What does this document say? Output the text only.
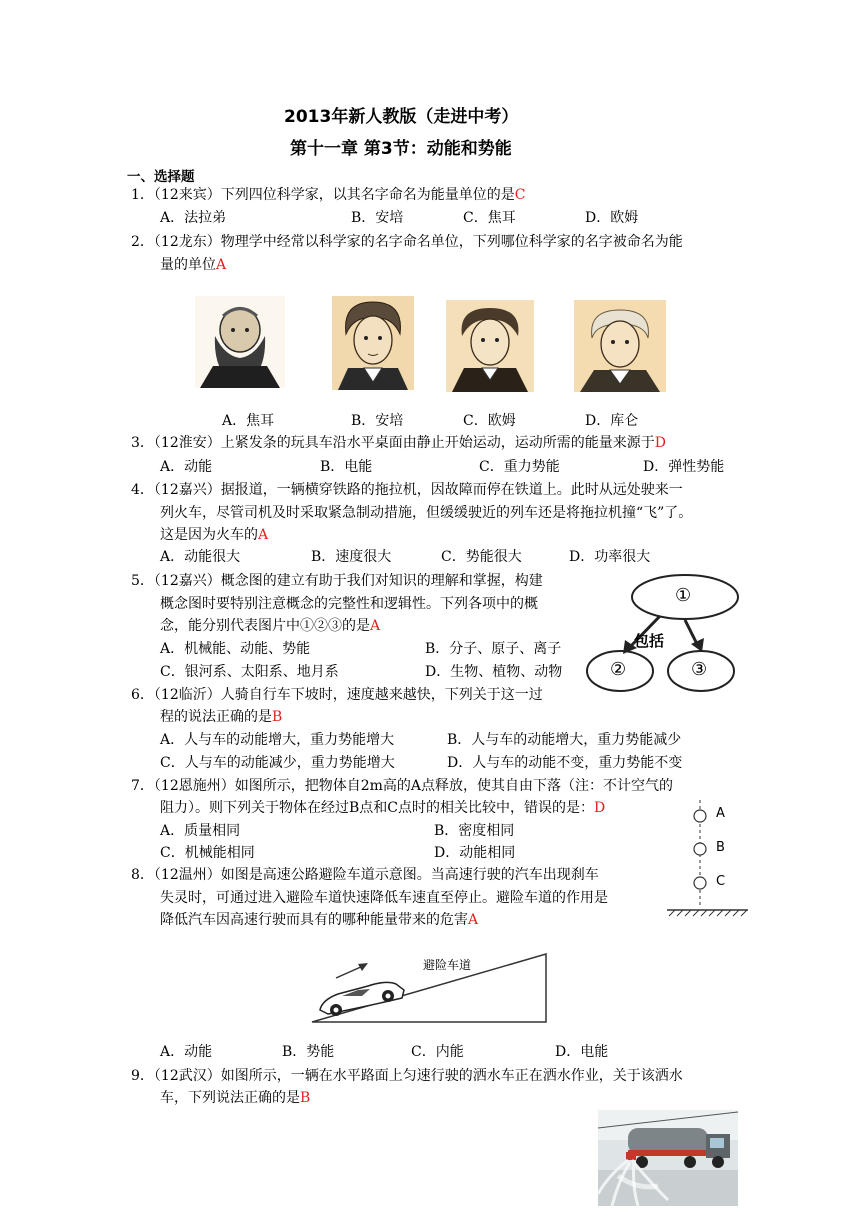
2013年新人教版（走进中考）
第十一章 第3节：动能和势能
一、选择题
1．（12来宾）下列四位科学家，以其名字命名为能量单位的是C
A．法拉弟	B．安培	C．焦耳	D．欧姆
2．（12龙东）物理学中经常以科学家的名字命名单位，下列哪位科学家的名字被命名为能
量的单位A
A．焦耳	B．安培	C．欧姆	D．库仑
3．（12淮安）上紧发条的玩具车沿水平桌面由静止开始运动，运动所需的能量来源于D
A．动能	B．电能	C．重力势能	D．弹性势能
4．（12嘉兴）据报道，一辆横穿铁路的拖拉机，因故障而停在铁道上。此时从远处驶来一
列火车，尽管司机及时采取紧急制动措施，但缓缓驶近的列车还是将拖拉机撞“飞”了。
这是因为火车的A
A．动能很大	B．速度很大	C．势能很大	D．功率很大
5．（12嘉兴）概念图的建立有助于我们对知识的理解和掌握，构建
概念图时要特别注意概念的完整性和逻辑性。下列各项中的概
念，能分别代表图片中①②③的是A
A．机械能、动能、势能	B．分子、原子、离子
C．银河系、太阳系、地月系	D．生物、植物、动物
①
②	③
包括
6．（12临沂）人骑自行车下坡时，速度越来越快，下列关于这一过
程的说法正确的是B
A．人与车的动能增大，重力势能增大	B．人与车的动能增大，重力势能减少
C．人与车的动能减少，重力势能增大	D．人与车的动能不变，重力势能不变
7．（12恩施州）如图所示，把物体自2m高的A点释放，使其自由下落（注：不计空气的
阻力）。则下列关于物体在经过B点和C点时的相关比较中，错误的是：D
A．质量相同	B．密度相同
C．机械能相同	D．动能相同
A
B
C
8．（12温州）如图是高速公路避险车道示意图。当高速行驶的汽车出现刹车
失灵时，可通过进入避险车道快速降低车速直至停止。避险车道的作用是
降低汽车因高速行驶而具有的哪种能量带来的危害A
避险车道
A．动能	B．势能	C．内能	D．电能
9．（12武汉）如图所示，一辆在水平路面上匀速行驶的洒水车正在洒水作业，关于该洒水
车，下列说法正确的是B
